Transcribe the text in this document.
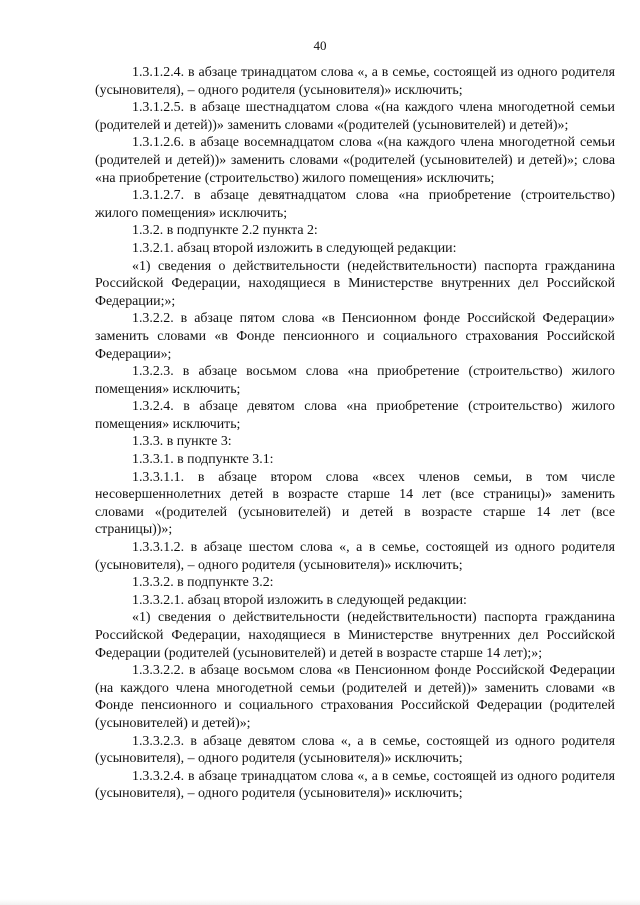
40

1.3.1.2.4. в абзаце тринадцатом слова «, а в семье, состоящей из одного родителя (усыновителя), – одного родителя (усыновителя)» исключить;

1.3.1.2.5. в абзаце шестнадцатом слова «(на каждого члена многодетной семьи (родителей и детей))» заменить словами «(родителей (усыновителей) и детей)»;

1.3.1.2.6. в абзаце восемнадцатом слова «(на каждого члена многодетной семьи (родителей и детей))» заменить словами «(родителей (усыновителей) и детей)»; слова «на приобретение (строительство) жилого помещения» исключить;

1.3.1.2.7. в абзаце девятнадцатом слова «на приобретение (строительство) жилого помещения» исключить;

1.3.2. в подпункте 2.2 пункта 2:

1.3.2.1. абзац второй изложить в следующей редакции:

«1) сведения о действительности (недействительности) паспорта гражданина Российской Федерации, находящиеся в Министерстве внутренних дел Российской Федерации;»;

1.3.2.2. в абзаце пятом слова «в Пенсионном фонде Российской Федерации» заменить словами «в Фонде пенсионного и социального страхования Российской Федерации»;

1.3.2.3. в абзаце восьмом слова «на приобретение (строительство) жилого помещения» исключить;

1.3.2.4. в абзаце девятом слова «на приобретение (строительство) жилого помещения» исключить;

1.3.3. в пункте 3:

1.3.3.1. в подпункте 3.1:

1.3.3.1.1. в абзаце втором слова «всех членов семьи, в том числе несовершеннолетних детей в возрасте старше 14 лет (все страницы)» заменить словами «(родителей (усыновителей) и детей в возрасте старше 14 лет (все страницы))»;

1.3.3.1.2. в абзаце шестом слова «, а в семье, состоящей из одного родителя (усыновителя), – одного родителя (усыновителя)» исключить;

1.3.3.2. в подпункте 3.2:

1.3.3.2.1. абзац второй изложить в следующей редакции:

«1) сведения о действительности (недействительности) паспорта гражданина Российской Федерации, находящиеся в Министерстве внутренних дел Российской Федерации (родителей (усыновителей) и детей в возрасте старше 14 лет);»;

1.3.3.2.2. в абзаце восьмом слова «в Пенсионном фонде Российской Федерации (на каждого члена многодетной семьи (родителей и детей))» заменить словами «в Фонде пенсионного и социального страхования Российской Федерации (родителей (усыновителей) и детей)»;

1.3.3.2.3. в абзаце девятом слова «, а в семье, состоящей из одного родителя (усыновителя), – одного родителя (усыновителя)» исключить;

1.3.3.2.4. в абзаце тринадцатом слова «, а в семье, состоящей из одного родителя (усыновителя), – одного родителя (усыновителя)» исключить;
